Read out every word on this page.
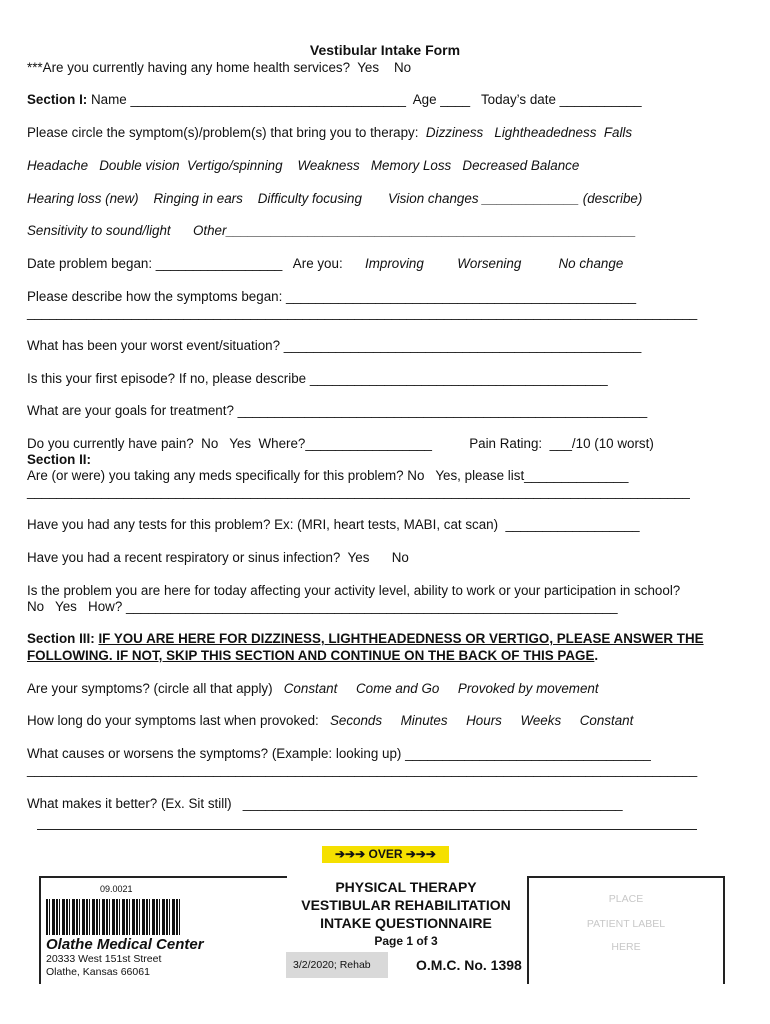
Vestibular Intake Form
***Are you currently having any home health services?  Yes    No
Section I: Name _____________________________________  Age ____   Today’s date ___________
Please circle the symptom(s)/problem(s) that bring you to therapy: Dizziness   Lightheadedness  Falls
Headache   Double vision  Vertigo/spinning    Weakness   Memory Loss   Decreased Balance
Hearing loss (new)    Ringing in ears    Difficulty focusing       Vision changes _____________ (describe)
Sensitivity to sound/light      Other_______________________________________________________
Date problem began: _________________   Are you: Improving         Worsening          No change
Please describe how the symptoms began: _______________________________________________
__________________________________________________________________________________________
What has been your worst event/situation? ________________________________________________
Is this your first episode? If no, please describe ________________________________________
What are your goals for treatment? _______________________________________________________
Do you currently have pain?  No   Yes  Where?_________________          Pain Rating:  ___/10 (10 worst)
Section II:
Are (or were) you taking any meds specifically for this problem? No   Yes, please list______________
_________________________________________________________________________________________
Have you had any tests for this problem? Ex: (MRI, heart tests, MABI, cat scan)  __________________
Have you had a recent respiratory or sinus infection?  Yes      No
Is the problem you are here for today affecting your activity level, ability to work or your participation in school?
No   Yes   How? __________________________________________________________________
Section III: IF YOU ARE HERE FOR DIZZINESS, LIGHTHEADEDNESS OR VERTIGO, PLEASE ANSWER THE
FOLLOWING. IF NOT, SKIP THIS SECTION AND CONTINUE ON THE BACK OF THIS PAGE.
Are your symptoms? (circle all that apply) Constant     Come and Go     Provoked by movement
How long do your symptoms last when provoked: Seconds     Minutes     Hours     Weeks     Constant
What causes or worsens the symptoms? (Example: looking up) _________________________________
__________________________________________________________________________________________
What makes it better? (Ex. Sit still)   ___________________________________________________
➔➔➔ OVER ➔➔➔
09.0021
Olathe Medical Center
20333 West 151st Street
Olathe, Kansas 66061
PHYSICAL THERAPY
VESTIBULAR REHABILITATION
INTAKE QUESTIONNAIRE
Page 1 of 3
3/2/2020; Rehab	O.M.C. No. 1398
PLACE
PATIENT LABEL
HERE
